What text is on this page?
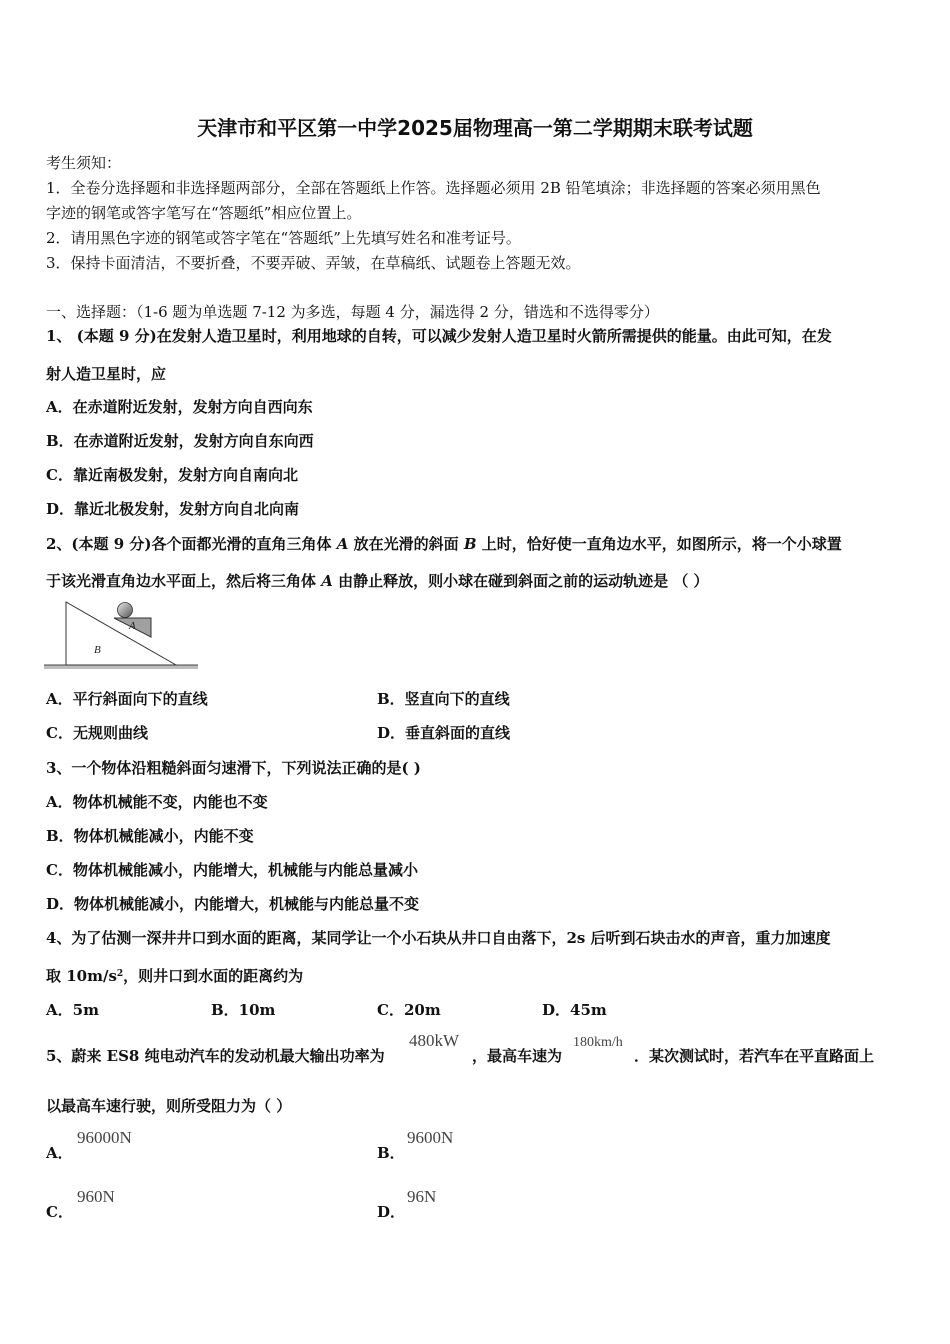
天津市和平区第一中学2025届物理高一第二学期期末联考试题
考生须知：
1．全卷分选择题和非选择题两部分，全部在答题纸上作答。选择题必须用 2B 铅笔填涂；非选择题的答案必须用黑色
字迹的钢笔或答字笔写在“答题纸”相应位置上。
2．请用黑色字迹的钢笔或答字笔在“答题纸”上先填写姓名和准考证号。
3．保持卡面清洁，不要折叠，不要弄破、弄皱，在草稿纸、试题卷上答题无效。
一、选择题：（1-6 题为单选题 7-12 为多选，每题 4 分，漏选得 2 分，错选和不选得零分）
1、 (本题 9 分)在发射人造卫星时，利用地球的自转，可以减少发射人造卫星时火箭所需提供的能量。由此可知，在发
射人造卫星时，应
A．在赤道附近发射，发射方向自西向东
B．在赤道附近发射，发射方向自东向西
C．靠近南极发射，发射方向自南向北
D．靠近北极发射，发射方向自北向南
2、(本题 9 分)各个面都光滑的直角三角体 A 放在光滑的斜面 B 上时，恰好使一直角边水平，如图所示，将一个小球置
于该光滑直角边水平面上，然后将三角体 A 由静止释放，则小球在碰到斜面之前的运动轨迹是 （ ）
A
B
A．平行斜面向下的直线	B．竖直向下的直线
C．无规则曲线	D．垂直斜面的直线
3、一个物体沿粗糙斜面匀速滑下，下列说法正确的是( )
A．物体机械能不变，内能也不变
B．物体机械能减小，内能不变
C．物体机械能减小，内能增大，机械能与内能总量减小
D．物体机械能减小，内能增大，机械能与内能总量不变
4、为了估测一深井井口到水面的距离，某同学让一个小石块从井口自由落下，2s 后听到石块击水的声音，重力加速度
取 $10m/s^2$，则井口到水面的距离约为
A．5m	B．10m	C．20m	D．45m
5、蔚来 ES8 纯电动汽车的发动机最大输出功率为
480kW
，最高车速为
180km/h
．某次测试时，若汽车在平直路面上
以最高车速行驶，则所受阻力为（ ）
A．
96000N
B．
9600N
C．
960N
D．
96N
